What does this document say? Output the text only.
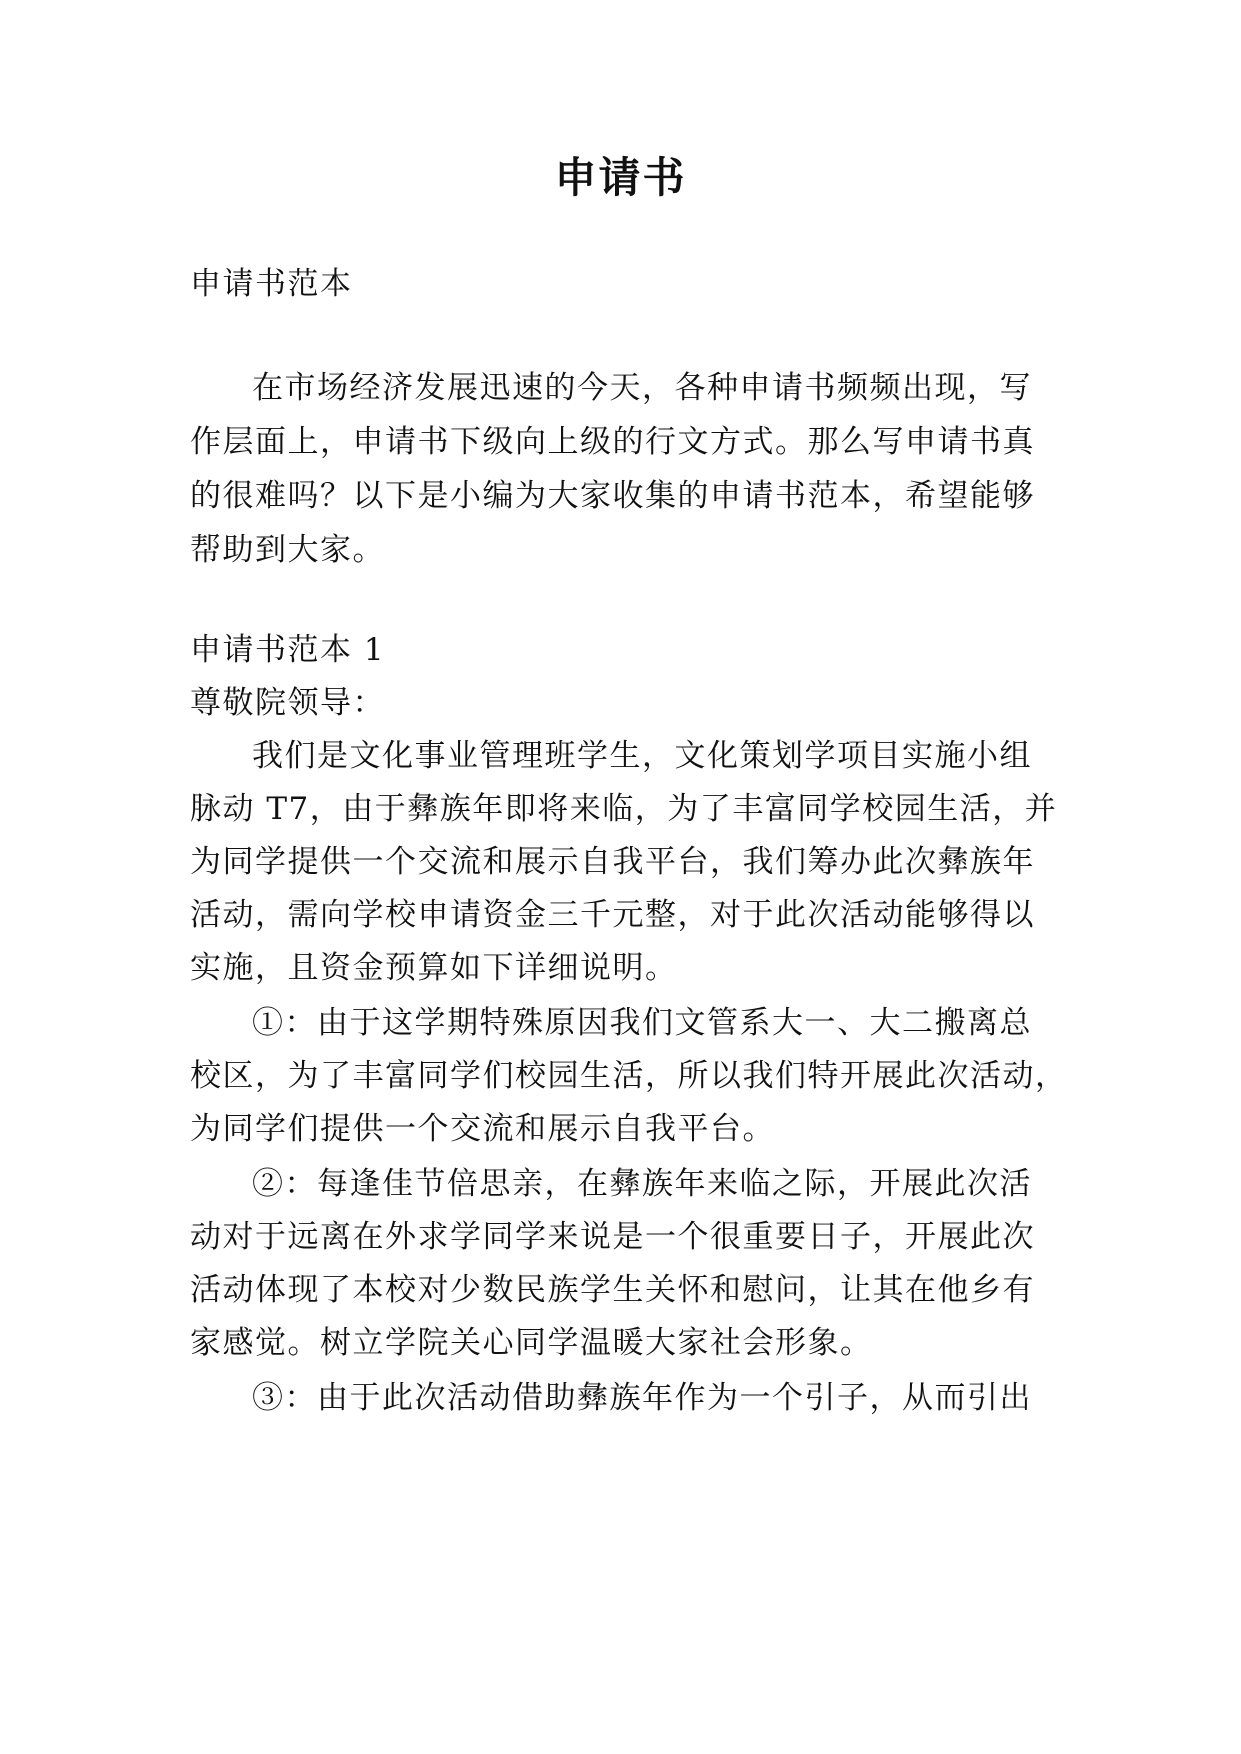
申请书

申请书范本

在市场经济发展迅速的今天，各种申请书频频出现，写

作层面上，申请书下级向上级的行文方式。那么写申请书真

的很难吗？以下是小编为大家收集的申请书范本，希望能够

帮助到大家。

申请书范本 1

尊敬院领导：

我们是文化事业管理班学生，文化策划学项目实施小组

脉动 T7，由于彝族年即将来临，为了丰富同学校园生活，并

为同学提供一个交流和展示自我平台，我们筹办此次彝族年

活动，需向学校申请资金三千元整，对于此次活动能够得以

实施，且资金预算如下详细说明。

①：由于这学期特殊原因我们文管系大一、大二搬离总

校区，为了丰富同学们校园生活，所以我们特开展此次活动，

为同学们提供一个交流和展示自我平台。

②：每逢佳节倍思亲，在彝族年来临之际，开展此次活

动对于远离在外求学同学来说是一个很重要日子，开展此次

活动体现了本校对少数民族学生关怀和慰问，让其在他乡有

家感觉。树立学院关心同学温暖大家社会形象。

③：由于此次活动借助彝族年作为一个引子，从而引出
